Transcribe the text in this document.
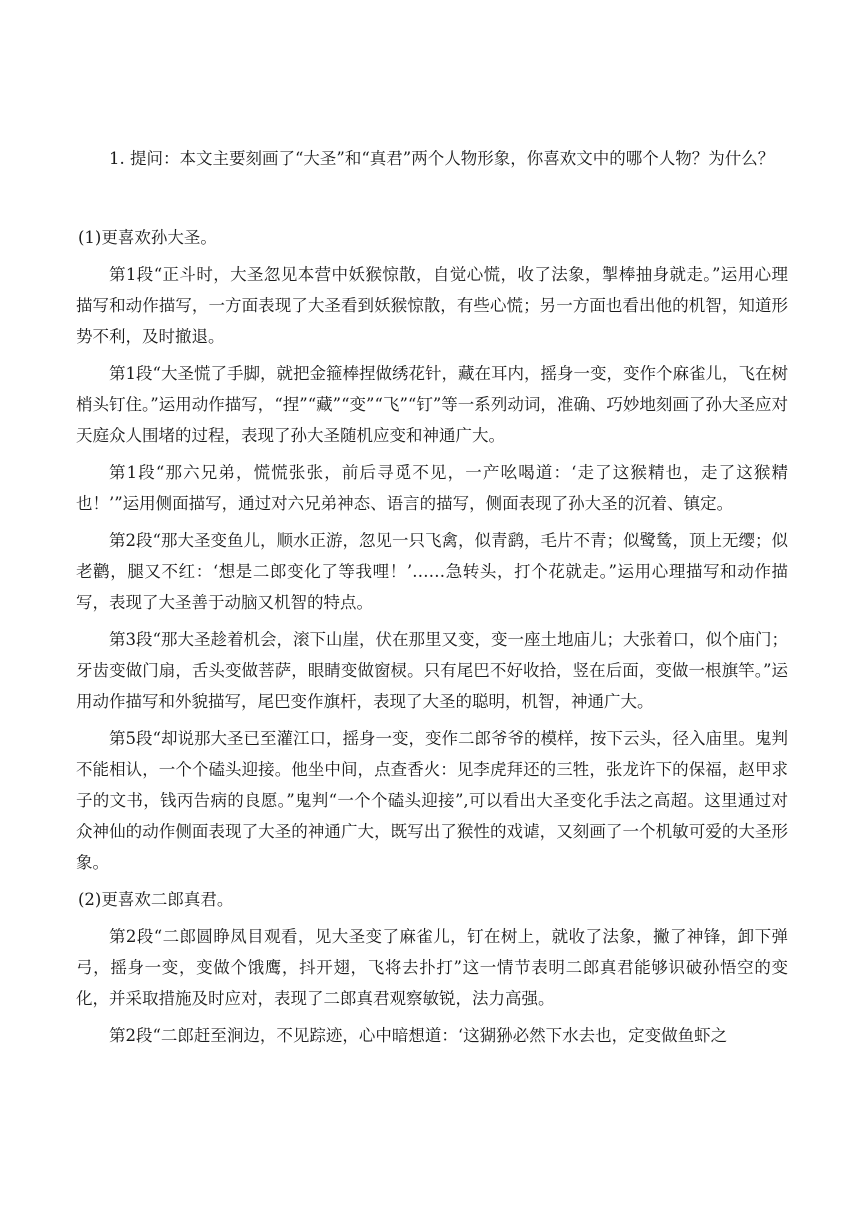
1. 提问：本文主要刻画了“大圣”和“真君”两个人物形象，你喜欢文中的哪个人物？为什么？

(1)更喜欢孙大圣。

第1段“正斗时，大圣忽见本营中妖猴惊散，自觉心慌，收了法象，掣棒抽身就走。”运用心理描写和动作描写，一方面表现了大圣看到妖猴惊散，有些心慌；另一方面也看出他的机智，知道形势不利，及时撤退。

第1段“大圣慌了手脚，就把金箍棒捏做绣花针，藏在耳内，摇身一变，变作个麻雀儿，飞在树梢头钉住。”运用动作描写，“捏”“藏”“变”“飞”“钉”等一系列动词，准确、巧妙地刻画了孙大圣应对天庭众人围堵的过程，表现了孙大圣随机应变和神通广大。

第1段“那六兄弟，慌慌张张，前后寻觅不见，一产吆喝道：‘走了这猴精也，走了这猴精也！’”运用侧面描写，通过对六兄弟神态、语言的描写，侧面表现了孙大圣的沉着、镇定。

第2段“那大圣变鱼儿，顺水正游，忽见一只飞禽，似青鹞，毛片不青；似鹭鸶，顶上无缨；似老鹳，腿又不红：‘想是二郎变化了等我哩！’……急转头，打个花就走。”运用心理描写和动作描写，表现了大圣善于动脑又机智的特点。

第3段“那大圣趁着机会，滚下山崖，伏在那里又变，变一座土地庙儿；大张着口，似个庙门；牙齿变做门扇，舌头变做菩萨，眼睛变做窗棂。只有尾巴不好收拾，竖在后面，变做一根旗竿。”运用动作描写和外貌描写，尾巴变作旗杆，表现了大圣的聪明，机智，神通广大。

第5段“却说那大圣已至灌江口，摇身一变，变作二郎爷爷的模样，按下云头，径入庙里。鬼判不能相认，一个个磕头迎接。他坐中间，点查香火：见李虎拜还的三牲，张龙许下的保福，赵甲求子的文书，钱丙告病的良愿。”鬼判“一个个磕头迎接”,可以看出大圣变化手法之高超。这里通过对众神仙的动作侧面表现了大圣的神通广大，既写出了猴性的戏谑，又刻画了一个机敏可爱的大圣形象。

(2)更喜欢二郎真君。

第2段“二郎圆睁凤目观看，见大圣变了麻雀儿，钉在树上，就收了法象，撇了神锋，卸下弹弓，摇身一变，变做个饿鹰，抖开翅，飞将去扑打”这一情节表明二郎真君能够识破孙悟空的变化，并采取措施及时应对，表现了二郎真君观察敏锐，法力高强。

第2段“二郎赶至涧边，不见踪迹，心中暗想道：‘这猢狲必然下水去也，定变做鱼虾之
